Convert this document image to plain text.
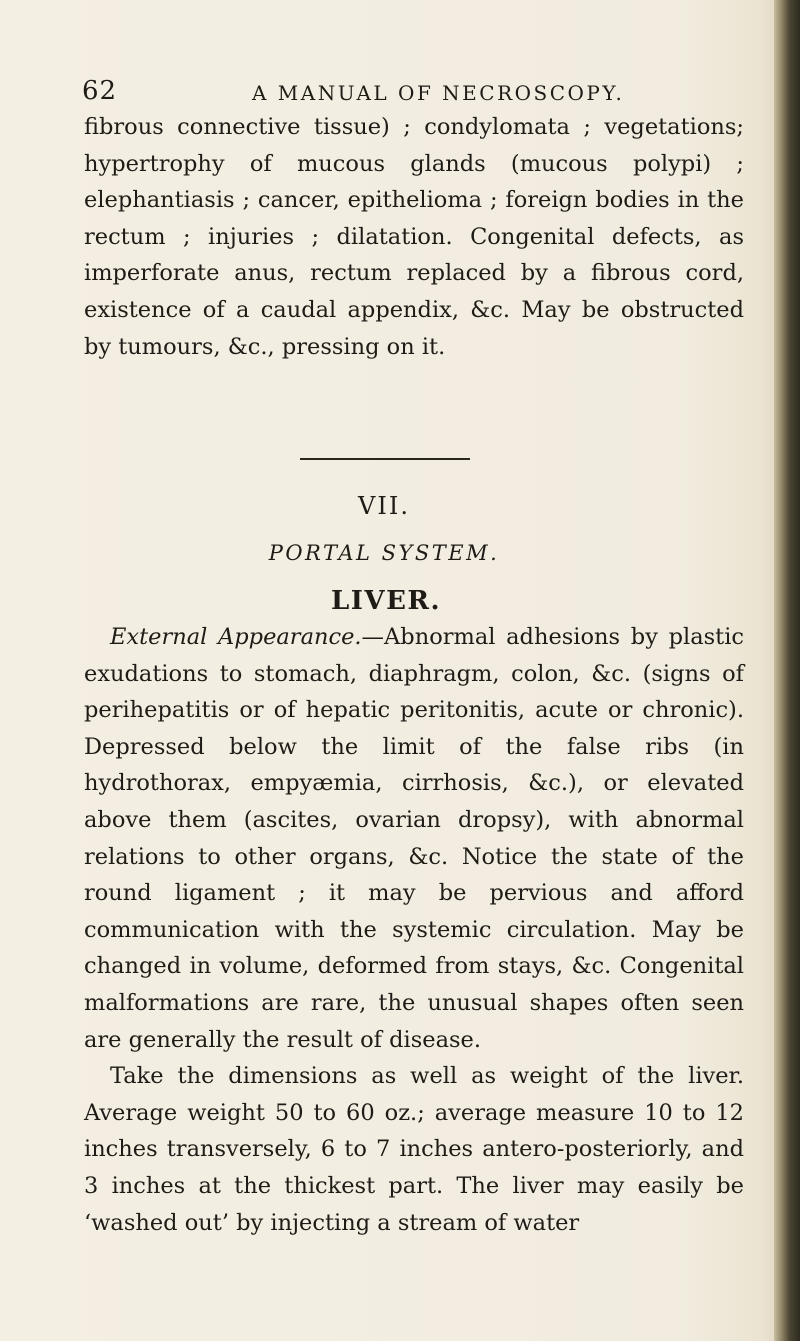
62	A MANUAL OF NECROSCOPY.

fibrous connective tissue) ; condylomata ; vegetations; hypertrophy of mucous glands (mucous polypi) ; elephantiasis ; cancer, epithelioma ; foreign bodies in the rectum ; injuries ; dilatation. Congenital defects, as imperforate anus, rectum replaced by a fibrous cord, existence of a caudal appendix, &c. May be obstructed by tumours, &c., pressing on it.

VII.
PORTAL SYSTEM.
LIVER.

External Appearance.—Abnormal adhesions by plastic exudations to stomach, diaphragm, colon, &c. (signs of perihepatitis or of hepatic peritonitis, acute or chronic). Depressed below the limit of the false ribs (in hydrothorax, empyæmia, cirrhosis, &c.), or elevated above them (ascites, ovarian dropsy), with abnormal relations to other organs, &c. Notice the state of the round ligament ; it may be pervious and afford communication with the systemic circulation. May be changed in volume, deformed from stays, &c. Congenital malformations are rare, the unusual shapes often seen are generally the result of disease.
Take the dimensions as well as weight of the liver. Average weight 50 to 60 oz.; average measure 10 to 12 inches transversely, 6 to 7 inches antero-posteriorly, and 3 inches at the thickest part. The liver may easily be ‘washed out’ by injecting a stream of water
